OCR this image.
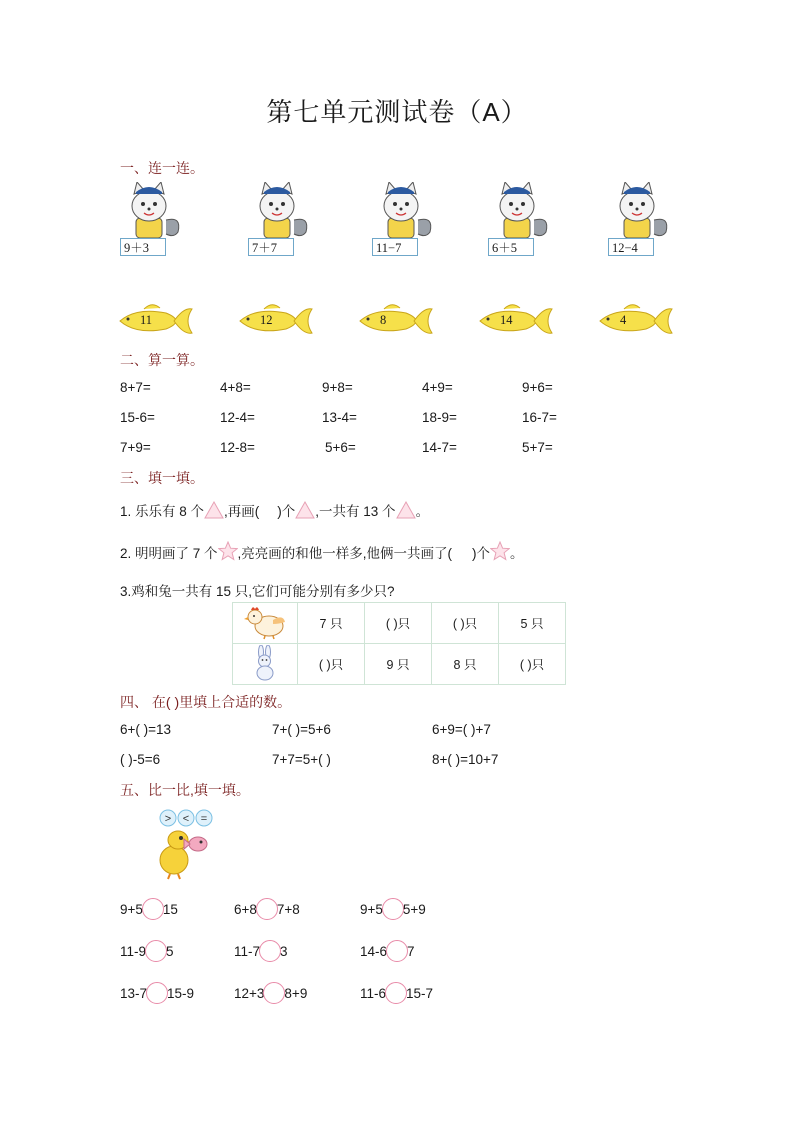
第七单元测试卷（A）
一、连一连。
9＋3	7＋7	11−7	6＋5	12−4
11	12	8	14	4
二、算一算。
8+7=	4+8=	9+8=	4+9=	9+6=
15-6=	12-4=	13-4=	18-9=	16-7=
7+9=	12-8=	5+6=	14-7=	5+7=
三、填一填。
1. 乐乐有 8 个 ,再画( )个 ,一共有 13 个 。
2. 明明画了 7 个 ,亮亮画的和他一样多,他俩一共画了( )个 。
3.鸡和兔一共有 15 只,它们可能分别有多少只?
	7 只	( )只	( )只	5 只
	( )只	9 只	8 只	( )只
四、 在( )里填上合适的数。
6+( )=13	7+( )=5+6	6+9=( )+7
( )-5=6	7+7=5+( )	8+( )=10+7
五、比一比,填一填。
> < =
9+5 15	6+8 7+8	9+5 5+9
11-9 5	11-7 3	14-6 7
13-7 15-9	12+3 8+9	11-6 15-7
